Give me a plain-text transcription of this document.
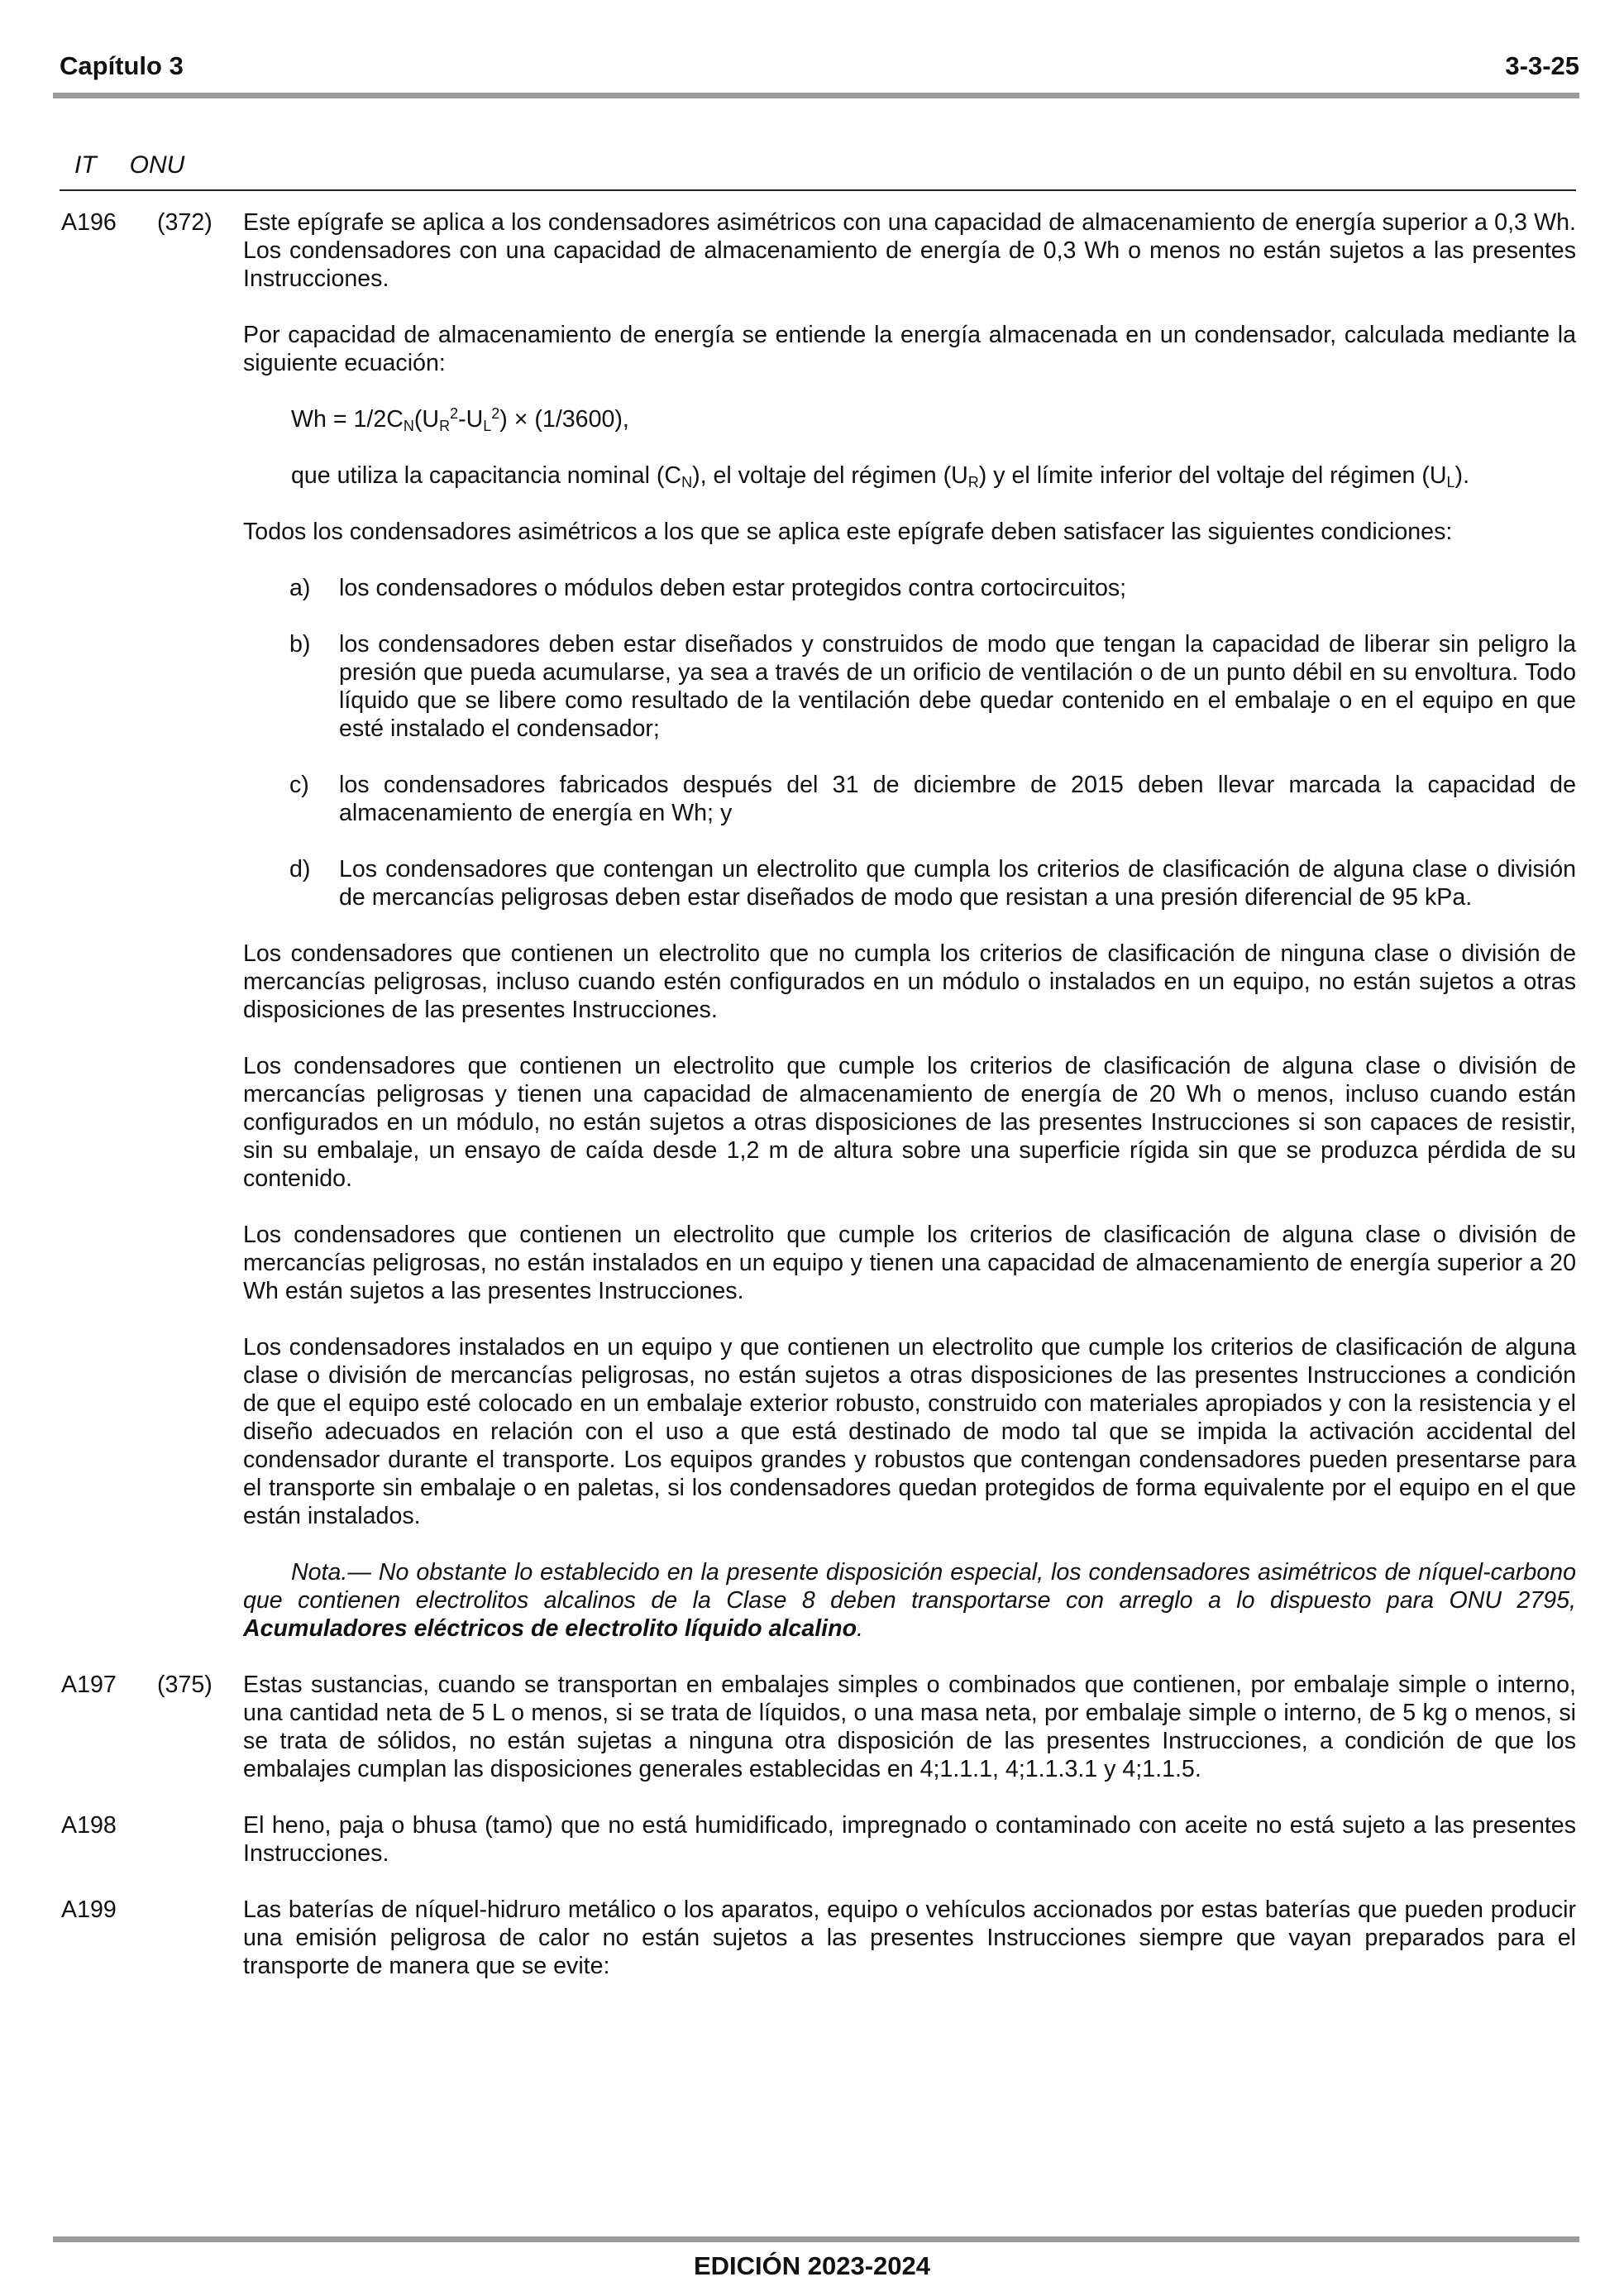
Capítulo 3	3-3-25
IT ONU
A196 (372) Este epígrafe se aplica a los condensadores asimétricos con una capacidad de almacenamiento de energía superior a 0,3 Wh. Los condensadores con una capacidad de almacenamiento de energía de 0,3 Wh o menos no están sujetos a las presentes Instrucciones.

Por capacidad de almacenamiento de energía se entiende la energía almacenada en un condensador, calculada mediante la siguiente ecuación:

$Wh = 1/2C_N(U_R^2-U_L^2) \times (1/3600)$,

que utiliza la capacitancia nominal $(C_N)$, el voltaje del régimen $(U_R)$ y el límite inferior del voltaje del régimen $(U_L)$.

Todos los condensadores asimétricos a los que se aplica este epígrafe deben satisfacer las siguientes condiciones:

a) los condensadores o módulos deben estar protegidos contra cortocircuitos;
b) los condensadores deben estar diseñados y construidos de modo que tengan la capacidad de liberar sin peligro la presión que pueda acumularse, ya sea a través de un orificio de ventilación o de un punto débil en su envoltura. Todo líquido que se libere como resultado de la ventilación debe quedar contenido en el embalaje o en el equipo en que esté instalado el condensador;
c) los condensadores fabricados después del 31 de diciembre de 2015 deben llevar marcada la capacidad de almacenamiento de energía en Wh; y
d) Los condensadores que contengan un electrolito que cumpla los criterios de clasificación de alguna clase o división de mercancías peligrosas deben estar diseñados de modo que resistan a una presión diferencial de 95 kPa.

Los condensadores que contienen un electrolito que no cumpla los criterios de clasificación de ninguna clase o división de mercancías peligrosas, incluso cuando estén configurados en un módulo o instalados en un equipo, no están sujetos a otras disposiciones de las presentes Instrucciones.

Los condensadores que contienen un electrolito que cumple los criterios de clasificación de alguna clase o división de mercancías peligrosas y tienen una capacidad de almacenamiento de energía de 20 Wh o menos, incluso cuando están configurados en un módulo, no están sujetos a otras disposiciones de las presentes Instrucciones si son capaces de resistir, sin su embalaje, un ensayo de caída desde 1,2 m de altura sobre una superficie rígida sin que se produzca pérdida de su contenido.

Los condensadores que contienen un electrolito que cumple los criterios de clasificación de alguna clase o división de mercancías peligrosas, no están instalados en un equipo y tienen una capacidad de almacenamiento de energía superior a 20 Wh están sujetos a las presentes Instrucciones.

Los condensadores instalados en un equipo y que contienen un electrolito que cumple los criterios de clasificación de alguna clase o división de mercancías peligrosas, no están sujetos a otras disposiciones de las presentes Instrucciones a condición de que el equipo esté colocado en un embalaje exterior robusto, construido con materiales apropiados y con la resistencia y el diseño adecuados en relación con el uso a que está destinado de modo tal que se impida la activación accidental del condensador durante el transporte. Los equipos grandes y robustos que contengan condensadores pueden presentarse para el transporte sin embalaje o en paletas, si los condensadores quedan protegidos de forma equivalente por el equipo en el que están instalados.

Nota.— No obstante lo establecido en la presente disposición especial, los condensadores asimétricos de níquel-carbono que contienen electrolitos alcalinos de la Clase 8 deben transportarse con arreglo a lo dispuesto para ONU 2795, Acumuladores eléctricos de electrolito líquido alcalino.

A197 (375) Estas sustancias, cuando se transportan en embalajes simples o combinados que contienen, por embalaje simple o interno, una cantidad neta de 5 L o menos, si se trata de líquidos, o una masa neta, por embalaje simple o interno, de 5 kg o menos, si se trata de sólidos, no están sujetas a ninguna otra disposición de las presentes Instrucciones, a condición de que los embalajes cumplan las disposiciones generales establecidas en 4;1.1.1, 4;1.1.3.1 y 4;1.1.5.

A198	El heno, paja o bhusa (tamo) que no está humidificado, impregnado o contaminado con aceite no está sujeto a las presentes Instrucciones.

A199	Las baterías de níquel-hidruro metálico o los aparatos, equipo o vehículos accionados por estas baterías que pueden producir una emisión peligrosa de calor no están sujetos a las presentes Instrucciones siempre que vayan preparados para el transporte de manera que se evite:

EDICIÓN 2023-2024
